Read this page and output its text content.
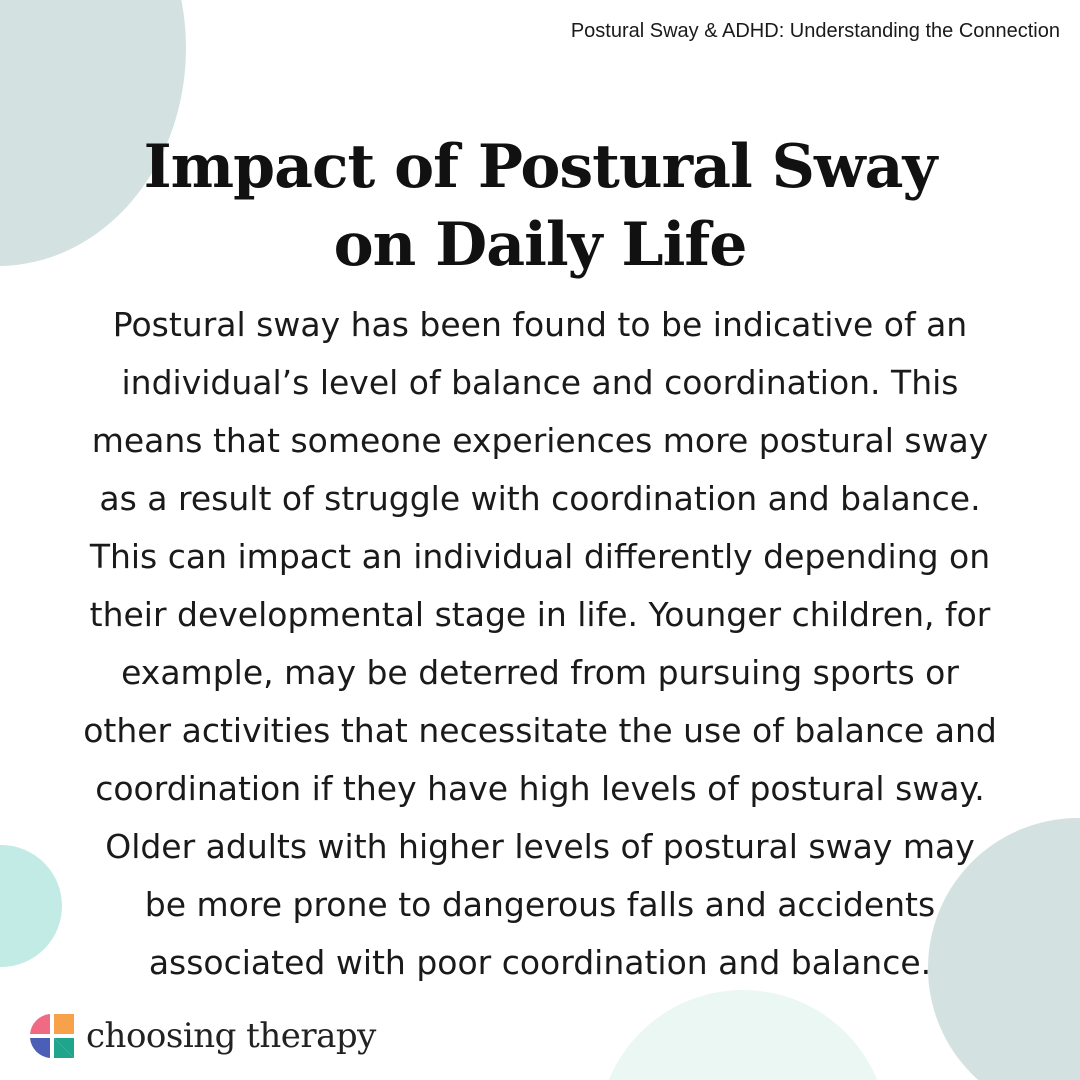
Postural Sway & ADHD: Understanding the Connection

Impact of Postural Sway
on Daily Life
Postural sway has been found to be indicative of an
individual’s level of balance and coordination. This
means that someone experiences more postural sway
as a result of struggle with coordination and balance.
This can impact an individual differently depending on
their developmental stage in life. Younger children, for
example, may be deterred from pursuing sports or
other activities that necessitate the use of balance and
coordination if they have high levels of postural sway.
Older adults with higher levels of postural sway may
be more prone to dangerous falls and accidents
associated with poor coordination and balance.
choosing therapy
